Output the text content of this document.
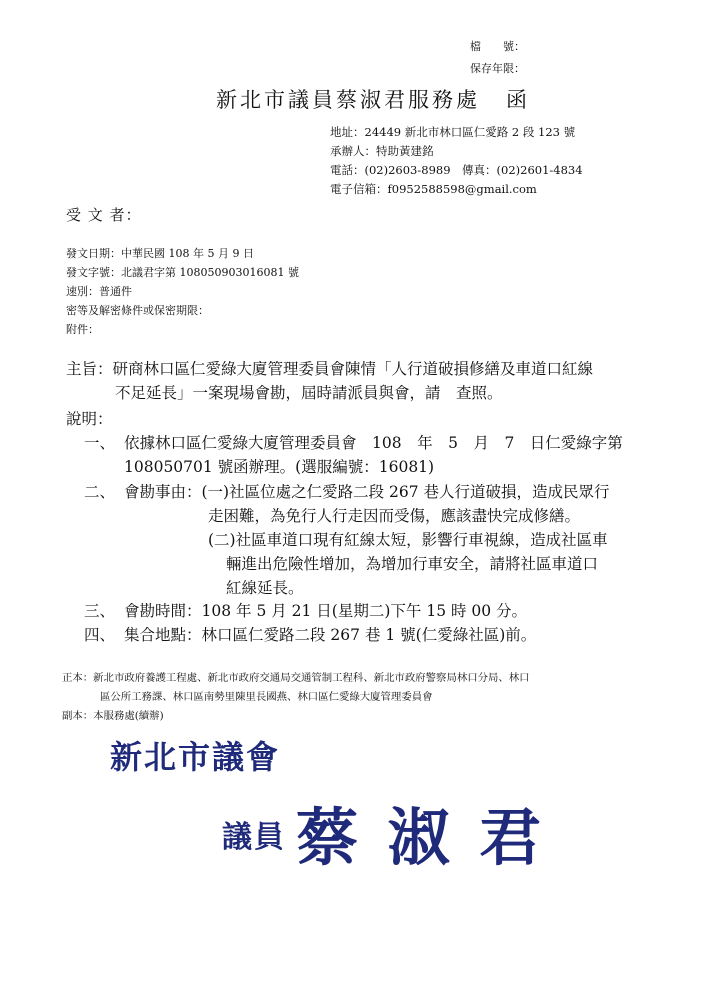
檔　　號：
保存年限：
新北市議員蔡淑君服務處 函
地址：24449 新北市林口區仁愛路 2 段 123 號
承辦人：特助黃建銘
電話：(02)2603-8989　傳真：(02)2601-4834
電子信箱：f0952588598@gmail.com
受 文 者：
發文日期：中華民國 108 年 5 月 9 日
發文字號：北議君字第 108050903016081 號
速別：普通件
密等及解密條件或保密期限：
附件：
主旨：研商林口區仁愛綠大廈管理委員會陳情「人行道破損修繕及車道口紅線
不足延長」一案現場會勘，屆時請派員與會，請　查照。
說明：
一、 依據林口區仁愛綠大廈管理委員會　108　年　5　月　7　日仁愛綠字第
108050701 號函辦理。(選服編號：16081)
二、 會勘事由：(一)社區位處之仁愛路二段 267 巷人行道破損，造成民眾行
走困難，為免行人行走因而受傷，應該盡快完成修繕。
(二)社區車道口現有紅線太短，影響行車視線，造成社區車
輛進出危險性增加，為增加行車安全，請將社區車道口
紅線延長。
三、 會勘時間：108 年 5 月 21 日(星期二)下午 15 時 00 分。
四、 集合地點：林口區仁愛路二段 267 巷 1 號(仁愛綠社區)前。
正本：新北市政府養護工程處、新北市政府交通局交通管制工程科、新北市政府警察局林口分局、林口
區公所工務課、林口區南勢里陳里長國燕、林口區仁愛綠大廈管理委員會
副本：本服務處(續辦)
新北市議會
議員 蔡 淑 君
